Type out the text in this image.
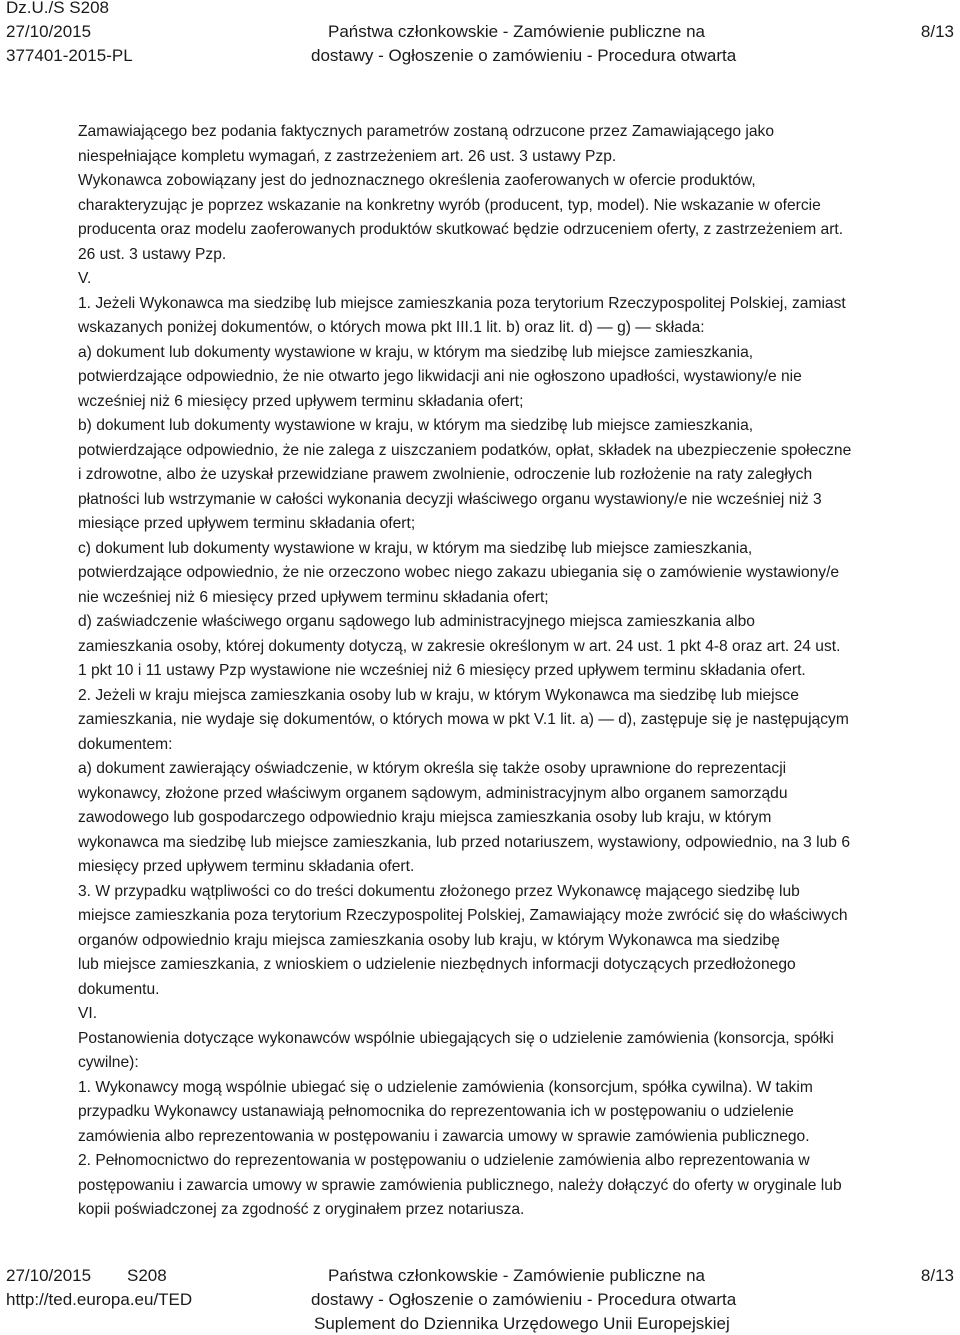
Dz.U./S S208
27/10/2015
377401-2015-PL
Państwa członkowskie - Zamówienie publiczne na
dostawy - Ogłoszenie o zamówieniu - Procedura otwarta
8/13
Zamawiającego bez podania faktycznych parametrów zostaną odrzucone przez Zamawiającego jako
niespełniające kompletu wymagań, z zastrzeżeniem art. 26 ust. 3 ustawy Pzp.
Wykonawca zobowiązany jest do jednoznacznego określenia zaoferowanych w ofercie produktów,
charakteryzując je poprzez wskazanie na konkretny wyrób (producent, typ, model). Nie wskazanie w ofercie
producenta oraz modelu zaoferowanych produktów skutkować będzie odrzuceniem oferty, z zastrzeżeniem art.
26 ust. 3 ustawy Pzp.
V.
1. Jeżeli Wykonawca ma siedzibę lub miejsce zamieszkania poza terytorium Rzeczypospolitej Polskiej, zamiast
wskazanych poniżej dokumentów, o których mowa pkt III.1 lit. b) oraz lit. d) — g) — składa:
a) dokument lub dokumenty wystawione w kraju, w którym ma siedzibę lub miejsce zamieszkania,
potwierdzające odpowiednio, że nie otwarto jego likwidacji ani nie ogłoszono upadłości, wystawiony/e nie
wcześniej niż 6 miesięcy przed upływem terminu składania ofert;
b) dokument lub dokumenty wystawione w kraju, w którym ma siedzibę lub miejsce zamieszkania,
potwierdzające odpowiednio, że nie zalega z uiszczaniem podatków, opłat, składek na ubezpieczenie społeczne
i zdrowotne, albo że uzyskał przewidziane prawem zwolnienie, odroczenie lub rozłożenie na raty zaległych
płatności lub wstrzymanie w całości wykonania decyzji właściwego organu wystawiony/e nie wcześniej niż 3
miesiące przed upływem terminu składania ofert;
c) dokument lub dokumenty wystawione w kraju, w którym ma siedzibę lub miejsce zamieszkania,
potwierdzające odpowiednio, że nie orzeczono wobec niego zakazu ubiegania się o zamówienie wystawiony/e
nie wcześniej niż 6 miesięcy przed upływem terminu składania ofert;
d) zaświadczenie właściwego organu sądowego lub administracyjnego miejsca zamieszkania albo
zamieszkania osoby, której dokumenty dotyczą, w zakresie określonym w art. 24 ust. 1 pkt 4-8 oraz art. 24 ust.
1 pkt 10 i 11 ustawy Pzp wystawione nie wcześniej niż 6 miesięcy przed upływem terminu składania ofert.
2. Jeżeli w kraju miejsca zamieszkania osoby lub w kraju, w którym Wykonawca ma siedzibę lub miejsce
zamieszkania, nie wydaje się dokumentów, o których mowa w pkt V.1 lit. a) — d), zastępuje się je następującym
dokumentem:
a) dokument zawierający oświadczenie, w którym określa się także osoby uprawnione do reprezentacji
wykonawcy, złożone przed właściwym organem sądowym, administracyjnym albo organem samorządu
zawodowego lub gospodarczego odpowiednio kraju miejsca zamieszkania osoby lub kraju, w którym
wykonawca ma siedzibę lub miejsce zamieszkania, lub przed notariuszem, wystawiony, odpowiednio, na 3 lub 6
miesięcy przed upływem terminu składania ofert.
3. W przypadku wątpliwości co do treści dokumentu złożonego przez Wykonawcę mającego siedzibę lub
miejsce zamieszkania poza terytorium Rzeczypospolitej Polskiej, Zamawiający może zwrócić się do właściwych
organów odpowiednio kraju miejsca zamieszkania osoby lub kraju, w którym Wykonawca ma siedzibę
lub miejsce zamieszkania, z wnioskiem o udzielenie niezbędnych informacji dotyczących przedłożonego
dokumentu.
VI.
Postanowienia dotyczące wykonawców wspólnie ubiegających się o udzielenie zamówienia (konsorcja, spółki
cywilne):
1. Wykonawcy mogą wspólnie ubiegać się o udzielenie zamówienia (konsorcjum, spółka cywilna). W takim
przypadku Wykonawcy ustanawiają pełnomocnika do reprezentowania ich w postępowaniu o udzielenie
zamówienia albo reprezentowania w postępowaniu i zawarcia umowy w sprawie zamówienia publicznego.
2. Pełnomocnictwo do reprezentowania w postępowaniu o udzielenie zamówienia albo reprezentowania w
postępowaniu i zawarcia umowy w sprawie zamówienia publicznego, należy dołączyć do oferty w oryginale lub
kopii poświadczonej za zgodność z oryginałem przez notariusza.
27/10/2015 S208
http://ted.europa.eu/TED
Państwa członkowskie - Zamówienie publiczne na
dostawy - Ogłoszenie o zamówieniu - Procedura otwarta
Suplement do Dziennika Urzędowego Unii Europejskiej
8/13
